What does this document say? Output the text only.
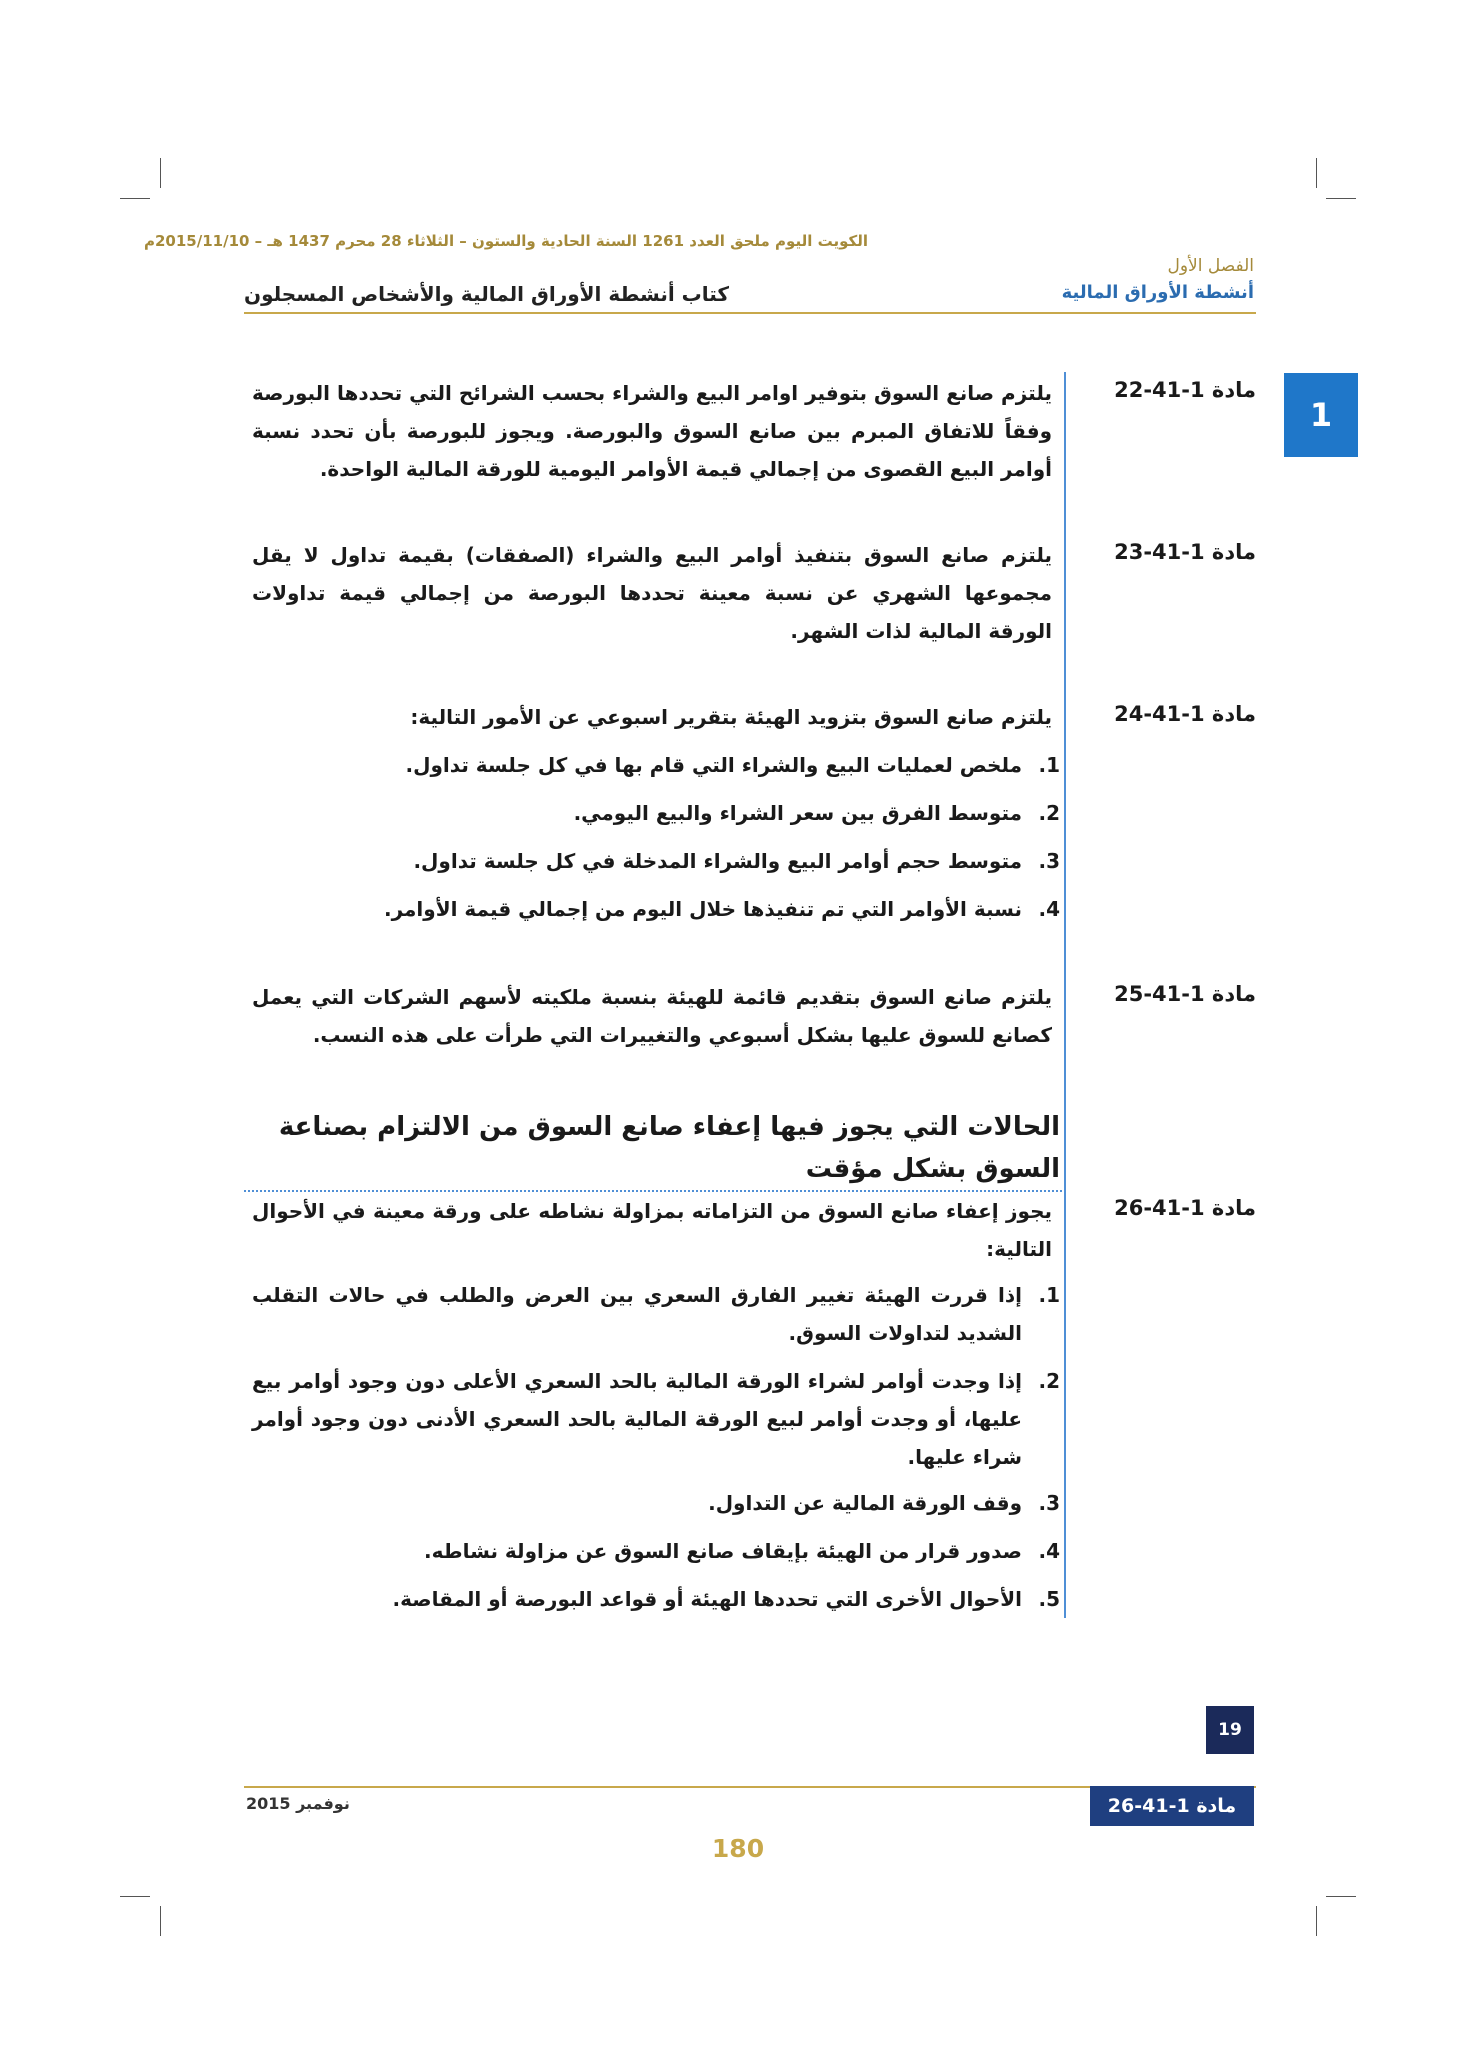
الكويت اليوم ملحق العدد 1261 السنة الحادية والستون – الثلاثاء 28 محرم 1437 هـ – 2015/11/10م
الفصل الأول
أنشطة الأوراق المالية
كتاب أنشطة الأوراق المالية والأشخاص المسجلون
1
مادة 1-41-22
يلتزم صانع السوق بتوفير اوامر البيع والشراء بحسب الشرائح التي تحددها البورصة وفقاً للاتفاق المبرم بين صانع السوق والبورصة. ويجوز للبورصة بأن تحدد نسبة أوامر البيع القصوى من إجمالي قيمة الأوامر اليومية للورقة المالية الواحدة.
مادة 1-41-23
يلتزم صانع السوق بتنفيذ أوامر البيع والشراء (الصفقات) بقيمة تداول لا يقل مجموعها الشهري عن نسبة معينة تحددها البورصة من إجمالي قيمة تداولات الورقة المالية لذات الشهر.
مادة 1-41-24
يلتزم صانع السوق بتزويد الهيئة بتقرير اسبوعي عن الأمور التالية:
1.
ملخص لعمليات البيع والشراء التي قام بها في كل جلسة تداول.
2.
متوسط الفرق بين سعر الشراء والبيع اليومي.
3.
متوسط حجم أوامر البيع والشراء المدخلة في كل جلسة تداول.
4.
نسبة الأوامر التي تم تنفيذها خلال اليوم من إجمالي قيمة الأوامر.
مادة 1-41-25
يلتزم صانع السوق بتقديم قائمة للهيئة بنسبة ملكيته لأسهم الشركات التي يعمل كصانع للسوق عليها بشكل أسبوعي والتغييرات التي طرأت على هذه النسب.
الحالات التي يجوز فيها إعفاء صانع السوق من الالتزام بصناعة السوق بشكل مؤقت
مادة 1-41-26
يجوز إعفاء صانع السوق من التزاماته بمزاولة نشاطه على ورقة معينة في الأحوال التالية:
1.
إذا قررت الهيئة تغيير الفارق السعري بين العرض والطلب في حالات التقلب الشديد لتداولات السوق.
2.
إذا وجدت أوامر لشراء الورقة المالية بالحد السعري الأعلى دون وجود أوامر بيع عليها، أو وجدت أوامر لبيع الورقة المالية بالحد السعري الأدنى دون وجود أوامر شراء عليها.
3.
وقف الورقة المالية عن التداول.
4.
صدور قرار من الهيئة بإيقاف صانع السوق عن مزاولة نشاطه.
5.
الأحوال الأخرى التي تحددها الهيئة أو قواعد البورصة أو المقاصة.
19
نوفمبر 2015	مادة 1-41-26
180
